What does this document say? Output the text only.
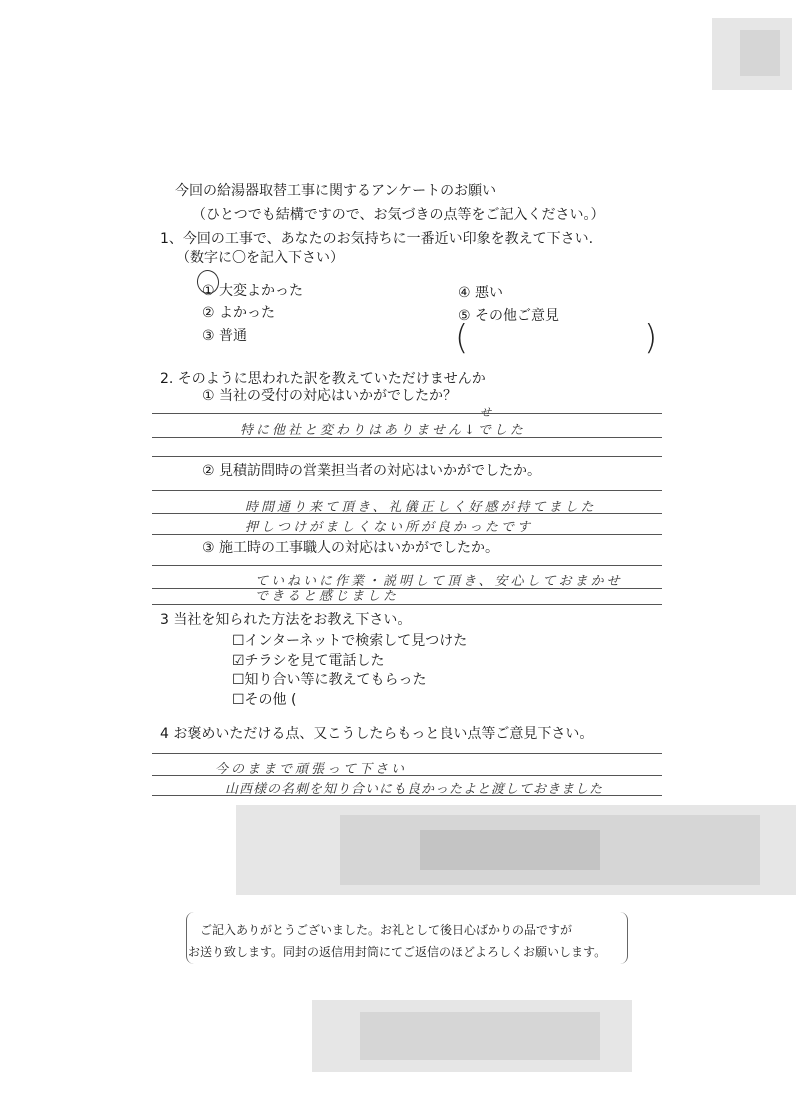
今回の給湯器取替工事に関するアンケートのお願い
（ひとつでも結構ですので、お気づきの点等をご記入ください。）
1、今回の工事で、あなたのお気持ちに一番近い印象を教えて下さい.
（数字に〇を記入下さい）
① 大変よかった
② よかった
③ 普通
④ 悪い
⑤ その他ご意見
(	)
2. そのように思われた訳を教えていただけませんか
① 当社の受付の対応はいかがでしたか？
せ
特に他社と変わりはありません↓でした
② 見積訪問時の営業担当者の対応はいかがでしたか。
時間通り来て頂き、礼儀正しく好感が持てました
押しつけがましくない所が良かったです
③ 施工時の工事職人の対応はいかがでしたか。
ていねいに作業・説明して頂き、安心しておまかせ
できると感じました
3 当社を知られた方法をお教え下さい。
☐インターネットで検索して見つけた
☑チラシを見て電話した
☐知り合い等に教えてもらった
☐その他 (
4 お褒めいただける点、又こうしたらもっと良い点等ご意見下さい。
今のままで頑張って下さい
山西様の名刺を知り合いにも良かったよと渡しておきました
ご記入ありがとうございました。お礼として後日心ばかりの品ですが
お送り致します。同封の返信用封筒にてご返信のほどよろしくお願いします。
